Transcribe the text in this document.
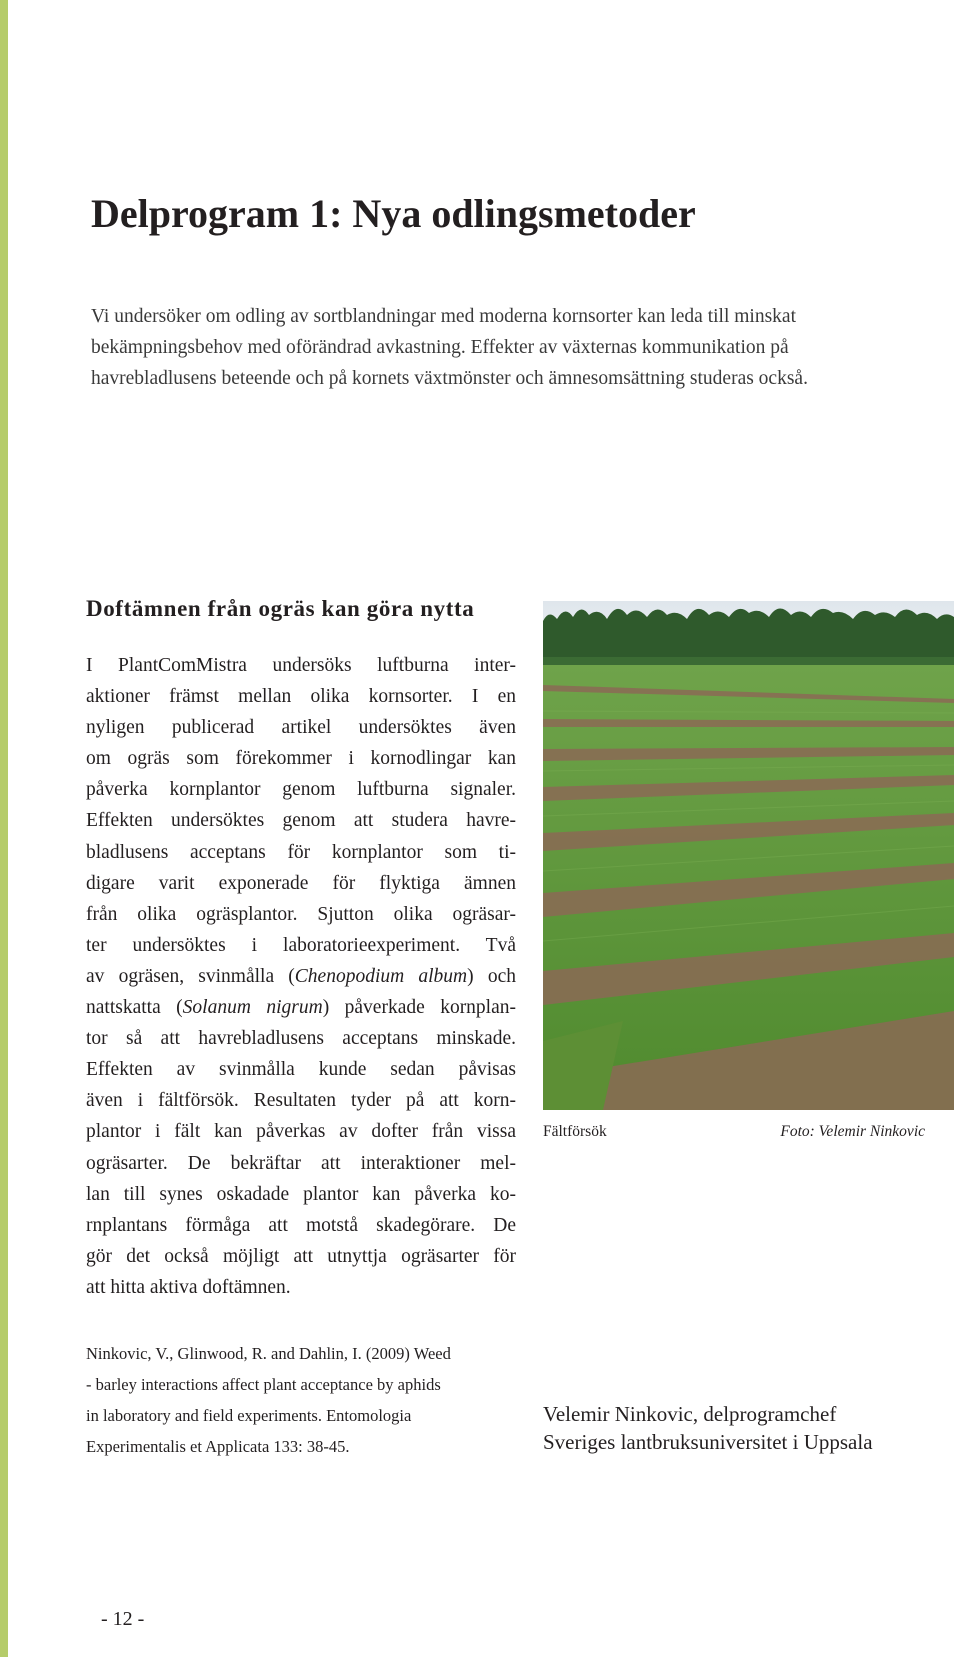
Delprogram 1: Nya odlingsmetoder

Vi undersöker om odling av sortblandningar med moderna kornsorter kan leda till minskat
bekämpningsbehov med oförändrad avkastning. Effekter av växternas kommunikation på
havrebladlusens beteende och på kornets växtmönster och ämnesomsättning studeras också.

Doftämnen från ogräs kan göra nytta

I PlantComMistra undersöks luftburna inter-
aktioner främst mellan olika kornsorter. I en
nyligen publicerad artikel undersöktes även
om ogräs som förekommer i kornodlingar kan
påverka kornplantor genom luftburna signaler.
Effekten undersöktes genom att studera havre-
bladlusens acceptans för kornplantor som ti-
digare varit exponerade för flyktiga ämnen
från olika ogräsplantor. Sjutton olika ogräsar-
ter undersöktes i laboratorieexperiment. Två
av ogräsen, svinmålla (Chenopodium album) och
nattskatta (Solanum nigrum) påverkade kornplan-
tor så att havrebladlusens acceptans minskade.
Effekten av svinmålla kunde sedan påvisas
även i fältförsök. Resultaten tyder på att korn-
plantor i fält kan påverkas av dofter från vissa
ogräsarter. De bekräftar att interaktioner mel-
lan till synes oskadade plantor kan påverka ko-
rnplantans förmåga att motstå skadegörare. De
gör det också möjligt att utnyttja ogräsarter för
att hitta aktiva doftämnen.

Fältförsök	Foto: Velemir Ninkovic

Ninkovic, V., Glinwood, R. and Dahlin, I. (2009) Weed
- barley interactions affect plant acceptance by aphids
in laboratory and field experiments. Entomologia
Experimentalis et Applicata 133: 38-45.

Velemir Ninkovic, delprogramchef
Sveriges lantbruksuniversitet i Uppsala
- 12 -
